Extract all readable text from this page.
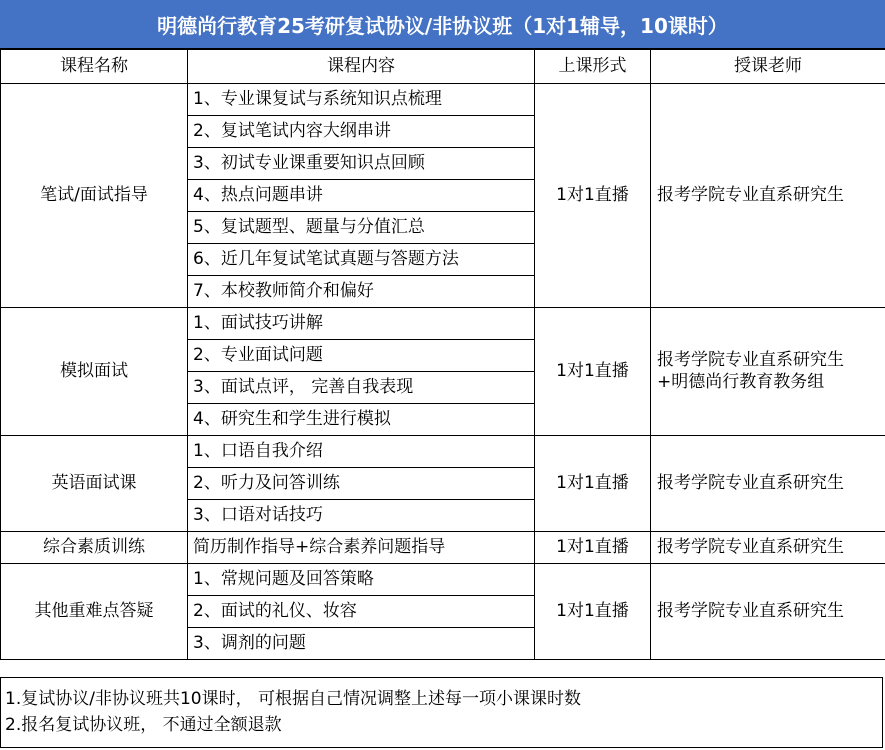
明德尚行教育25考研复试协议/非协议班（1对1辅导，10课时）
课程名称	课程内容	上课形式	授课老师
笔试/面试指导	1、专业课复试与系统知识点梳理	1对1直播	报考学院专业直系研究生

	2、复试笔试内容大纲串讲		
	3、初试专业课重要知识点回顾		
	4、热点问题串讲		
	5、复试题型、题量与分值汇总		
	6、近几年复试笔试真题与答题方法		
	7、本校教师简介和偏好		
模拟面试	1、面试技巧讲解	1对1直播	报考学院专业直系研究生
+明德尚行教育教务组

	2、专业面试问题		
	3、面试点评， 完善自我表现		
	4、研究生和学生进行模拟		
英语面试课	1、口语自我介绍	1对1直播	报考学院专业直系研究生

	2、听力及问答训练		
	3、口语对话技巧		
综合素质训练	简历制作指导+综合素养问题指导	1对1直播	报考学院专业直系研究生

其他重难点答疑	1、常规问题及回答策略	1对1直播	报考学院专业直系研究生

	2、面试的礼仪、妆容		
	3、调剂的问题		
1.复试协议/非协议班共10课时， 可根据自己情况调整上述每一项小课课时数
2.报名复试协议班， 不通过全额退款
